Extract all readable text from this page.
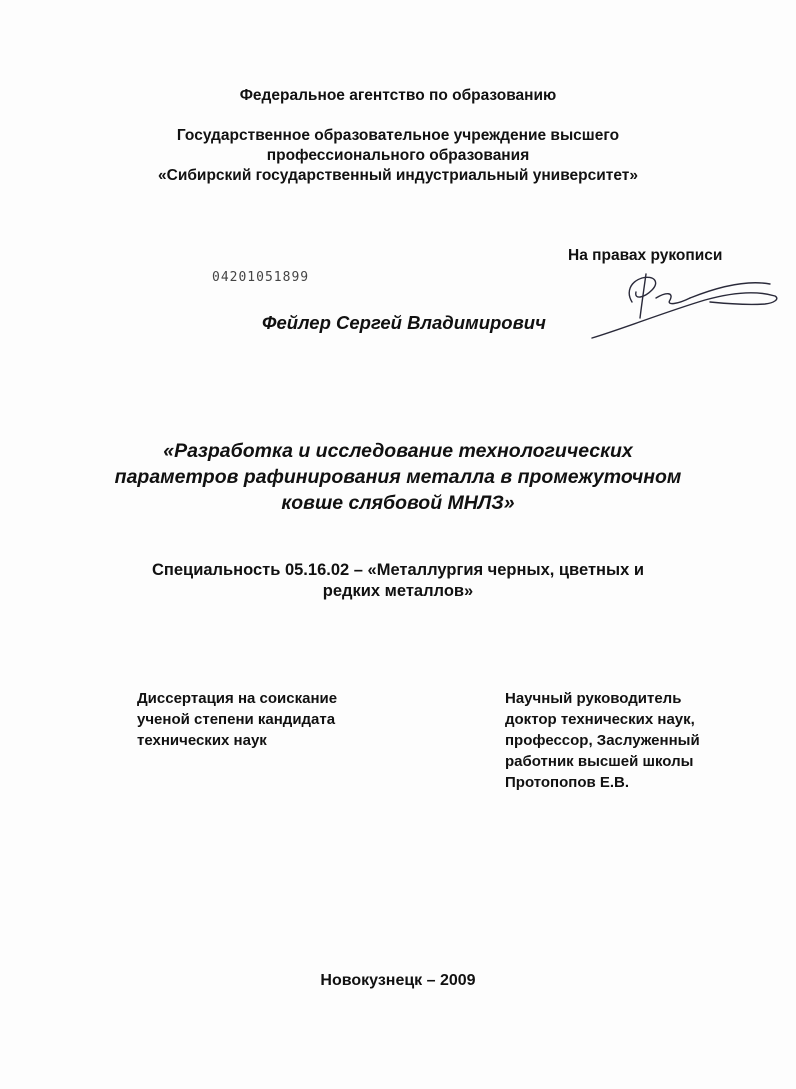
Федеральное агентство по образованию
Государственное образовательное учреждение высшего
профессионального образования
«Сибирский государственный индустриальный университет»
На правах рукописи
04201051899
Фейлер Сергей Владимирович
«Разработка и исследование технологических
параметров рафинирования металла в промежуточном
ковше слябовой МНЛЗ»
Специальность 05.16.02 – «Металлургия черных, цветных и
редких металлов»
Диссертация на соискание
ученой степени кандидата
технических наук
Научный руководитель
доктор технических наук,
профессор, Заслуженный
работник высшей школы
Протопопов Е.В.
Новокузнецк – 2009
